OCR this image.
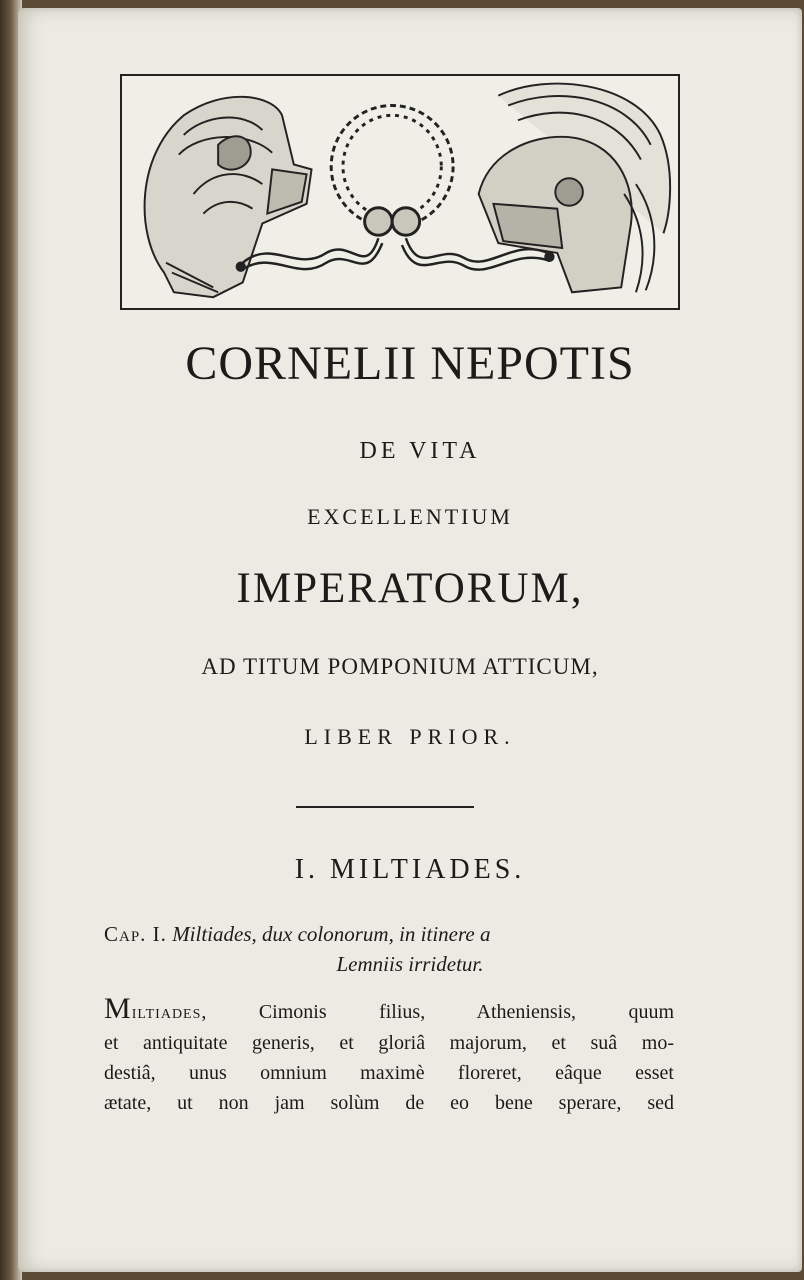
CORNELII NEPOTIS
DE VITA
EXCELLENTIUM
IMPERATORUM,
AD TITUM POMPONIUM ATTICUM,
LIBER PRIOR.
I. MILTIADES.
Cap. I. Miltiades, dux colonorum, in itinere a
Lemniis irridetur.
Miltiades, Cimonis filius, Atheniensis, quum
et antiquitate generis, et gloriâ majorum, et suâ mo-
destiâ, unus omnium maximè floreret, eâque esset
ætate, ut non jam solùm de eo bene sperare, sed
